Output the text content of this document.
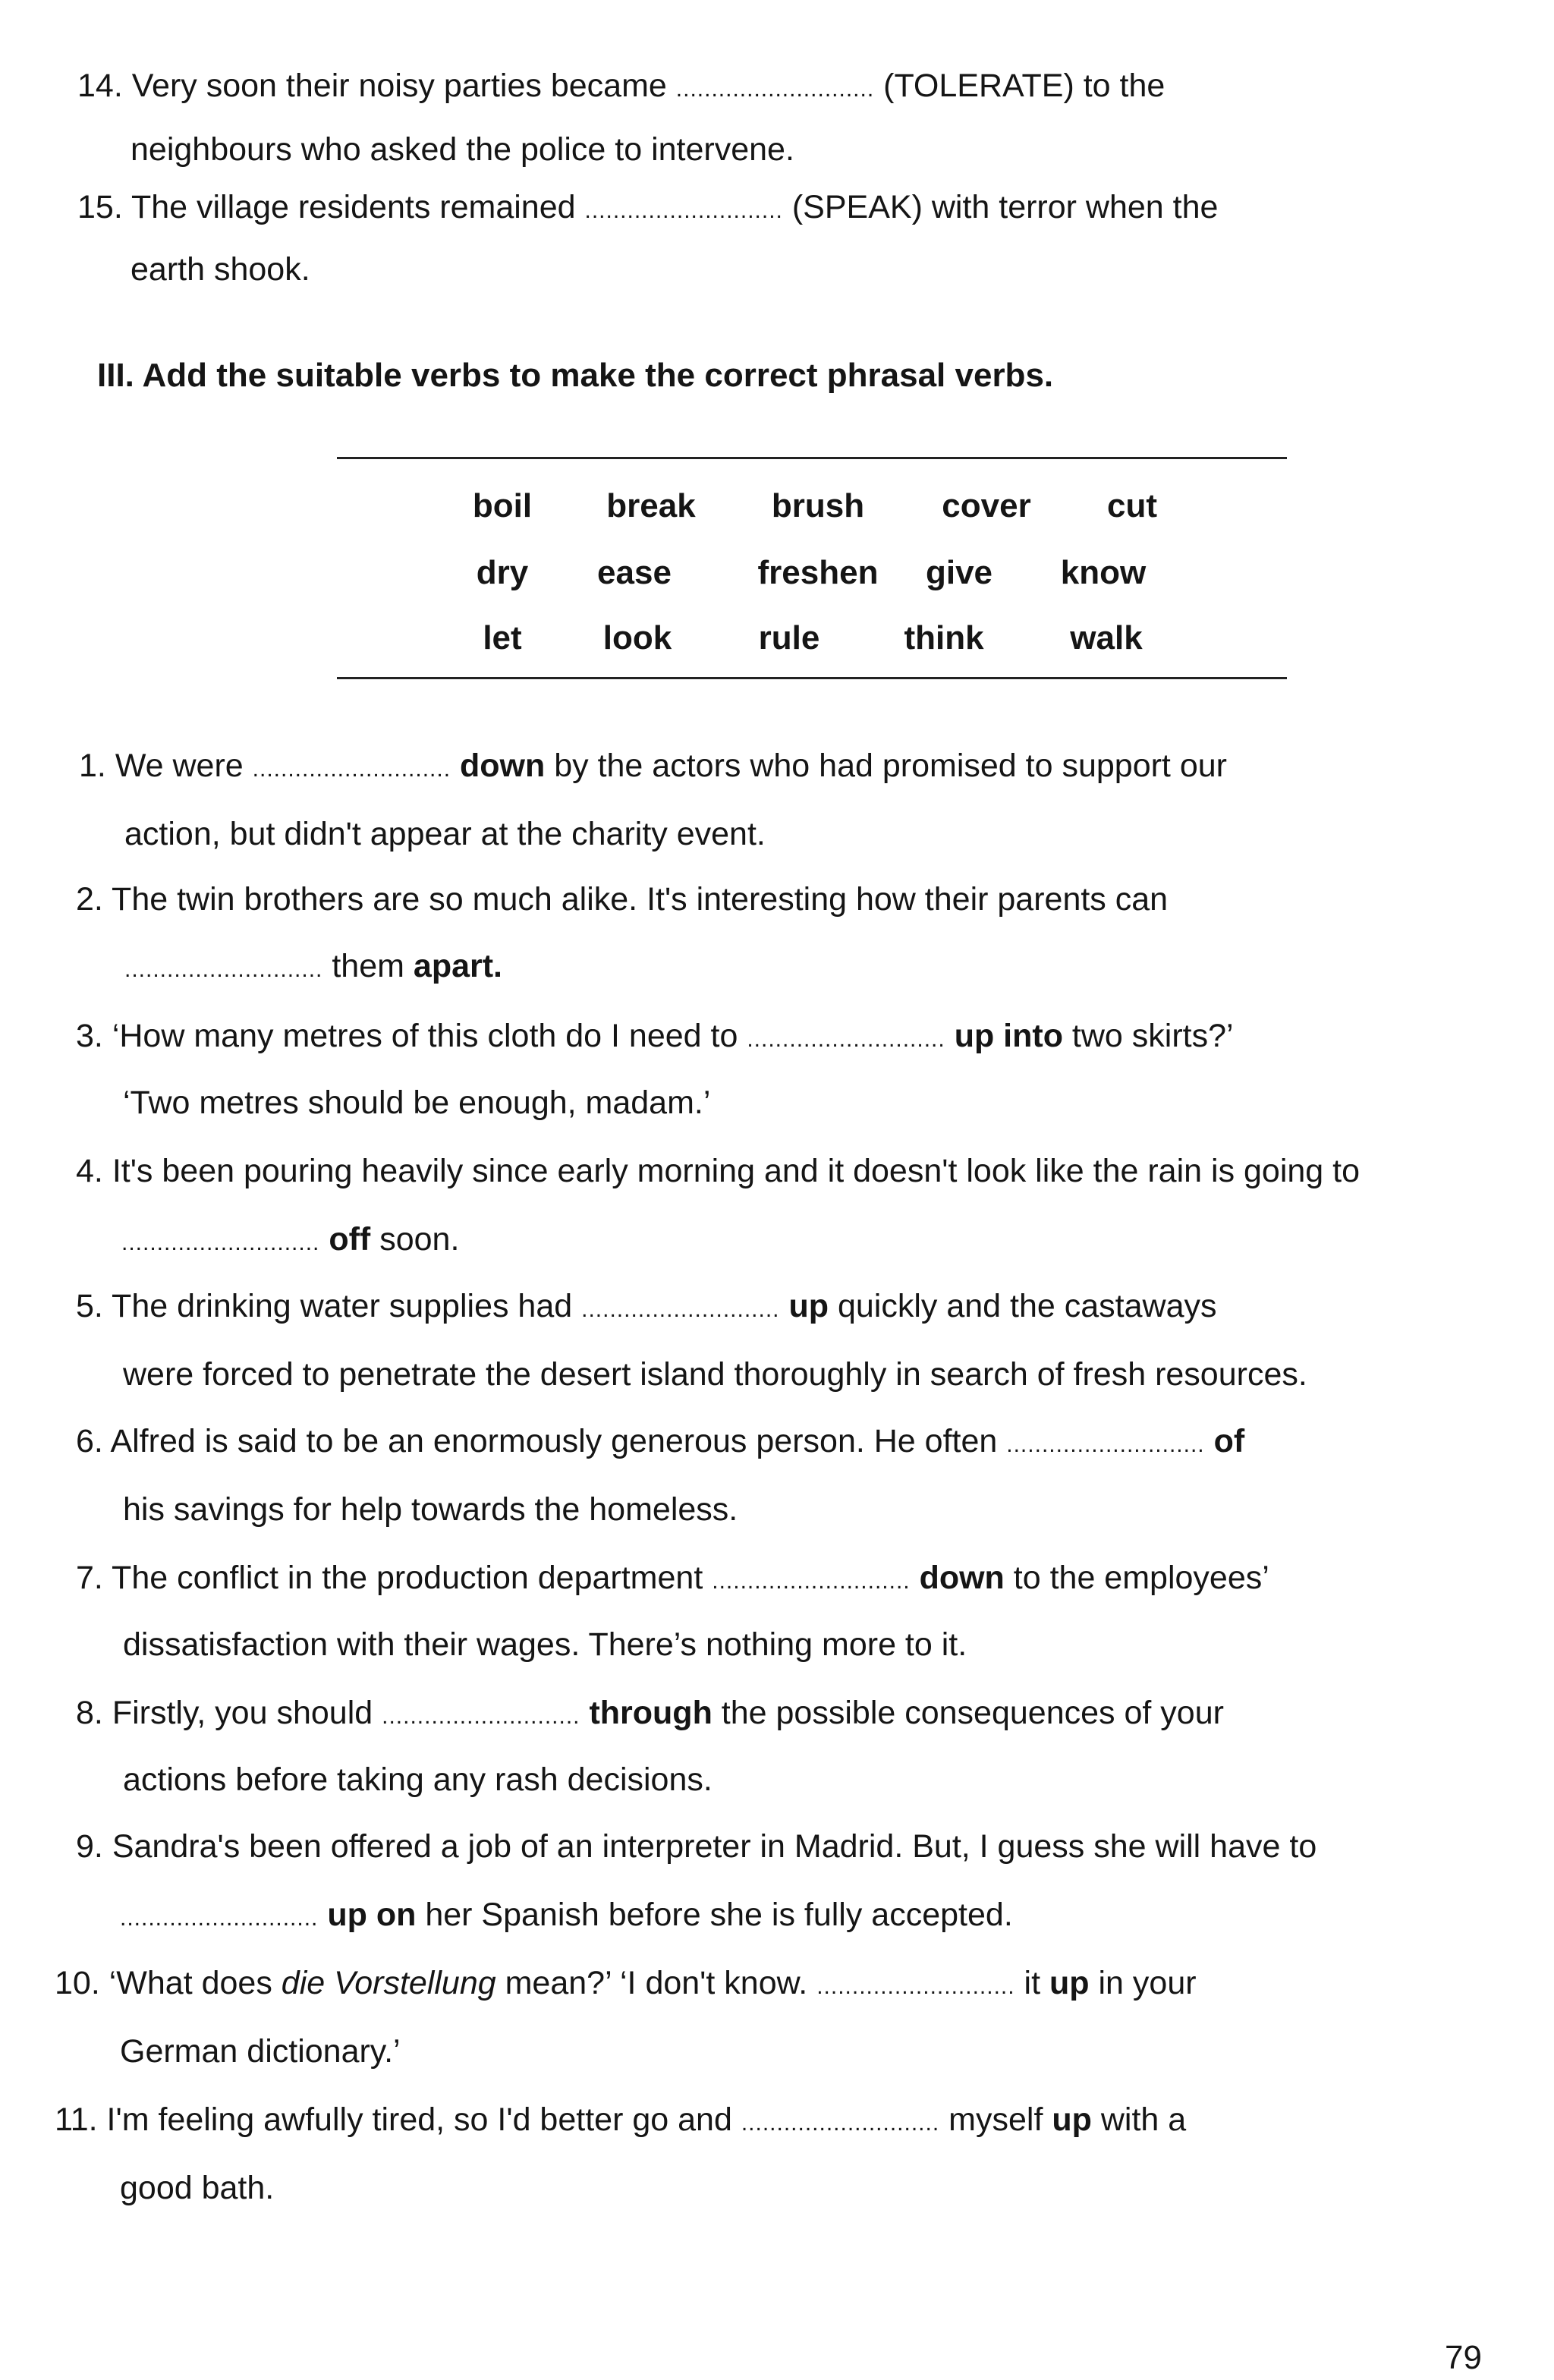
14. Very soon their noisy parties became ............................ (TOLERATE) to the
neighbours who asked the police to intervene.
15. The village residents remained ............................ (SPEAK) with terror when the
earth shook.
III. Add the suitable verbs to make the correct phrasal verbs.
boil break brush cover cut
dry ease	freshen give know
let look	rule	think	walk
1. We were ............................ down by the actors who had promised to support our
action, but didn't appear at the charity event.
2. The twin brothers are so much alike. It's interesting how their parents can
............................ them apart.
3. ‘How many metres of this cloth do I need to ............................ up into two skirts?’
‘Two metres should be enough, madam.’
4. It's been pouring heavily since early morning and it doesn't look like the rain is going to
............................ off soon.
5. The drinking water supplies had ............................ up quickly and the castaways
were forced to penetrate the desert island thoroughly in search of fresh resources.
6. Alfred is said to be an enormously generous person. He often ............................ of
his savings for help towards the homeless.
7. The conflict in the production department ............................ down to the employees’
dissatisfaction with their wages. There’s nothing more to it.
8. Firstly, you should ............................ through the possible consequences of your
actions before taking any rash decisions.
9. Sandra's been offered a job of an interpreter in Madrid. But, I guess she will have to
............................ up on her Spanish before she is fully accepted.
10. ‘What does die Vorstellung mean?’ ‘I don't know. ............................ it up in your
German dictionary.’
11. I'm feeling awfully tired, so I'd better go and ............................ myself up with a
good bath.
79
